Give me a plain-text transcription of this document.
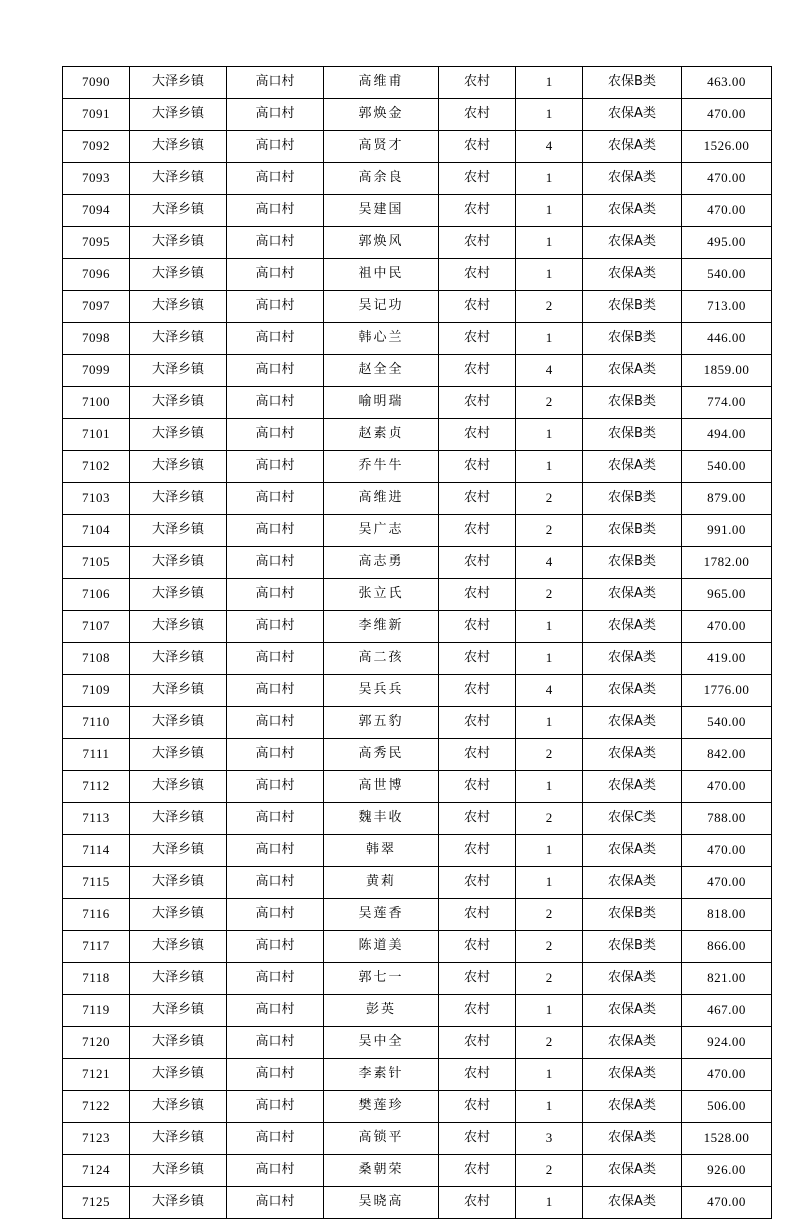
7090	大泽乡镇	高口村	高维甫	农村	1	农保B类	463.00
7091	大泽乡镇	高口村	郭焕金	农村	1	农保A类	470.00
7092	大泽乡镇	高口村	高贤才	农村	4	农保A类	1526.00
7093	大泽乡镇	高口村	高余良	农村	1	农保A类	470.00
7094	大泽乡镇	高口村	吴建国	农村	1	农保A类	470.00
7095	大泽乡镇	高口村	郭焕风	农村	1	农保A类	495.00
7096	大泽乡镇	高口村	祖中民	农村	1	农保A类	540.00
7097	大泽乡镇	高口村	吴记功	农村	2	农保B类	713.00
7098	大泽乡镇	高口村	韩心兰	农村	1	农保B类	446.00
7099	大泽乡镇	高口村	赵全全	农村	4	农保A类	1859.00
7100	大泽乡镇	高口村	喻明瑞	农村	2	农保B类	774.00
7101	大泽乡镇	高口村	赵素贞	农村	1	农保B类	494.00
7102	大泽乡镇	高口村	乔牛牛	农村	1	农保A类	540.00
7103	大泽乡镇	高口村	高维进	农村	2	农保B类	879.00
7104	大泽乡镇	高口村	吴广志	农村	2	农保B类	991.00
7105	大泽乡镇	高口村	高志勇	农村	4	农保B类	1782.00
7106	大泽乡镇	高口村	张立氏	农村	2	农保A类	965.00
7107	大泽乡镇	高口村	李维新	农村	1	农保A类	470.00
7108	大泽乡镇	高口村	高二孩	农村	1	农保A类	419.00
7109	大泽乡镇	高口村	吴兵兵	农村	4	农保A类	1776.00
7110	大泽乡镇	高口村	郭五豹	农村	1	农保A类	540.00
7111	大泽乡镇	高口村	高秀民	农村	2	农保A类	842.00
7112	大泽乡镇	高口村	高世博	农村	1	农保A类	470.00
7113	大泽乡镇	高口村	魏丰收	农村	2	农保C类	788.00
7114	大泽乡镇	高口村	韩翠	农村	1	农保A类	470.00
7115	大泽乡镇	高口村	黄莉	农村	1	农保A类	470.00
7116	大泽乡镇	高口村	吴莲香	农村	2	农保B类	818.00
7117	大泽乡镇	高口村	陈道美	农村	2	农保B类	866.00
7118	大泽乡镇	高口村	郭七一	农村	2	农保A类	821.00
7119	大泽乡镇	高口村	彭英	农村	1	农保A类	467.00
7120	大泽乡镇	高口村	吴中全	农村	2	农保A类	924.00
7121	大泽乡镇	高口村	李素针	农村	1	农保A类	470.00
7122	大泽乡镇	高口村	樊莲珍	农村	1	农保A类	506.00
7123	大泽乡镇	高口村	高锁平	农村	3	农保A类	1528.00
7124	大泽乡镇	高口村	桑朝荣	农村	2	农保A类	926.00
7125	大泽乡镇	高口村	吴晓高	农村	1	农保A类	470.00
